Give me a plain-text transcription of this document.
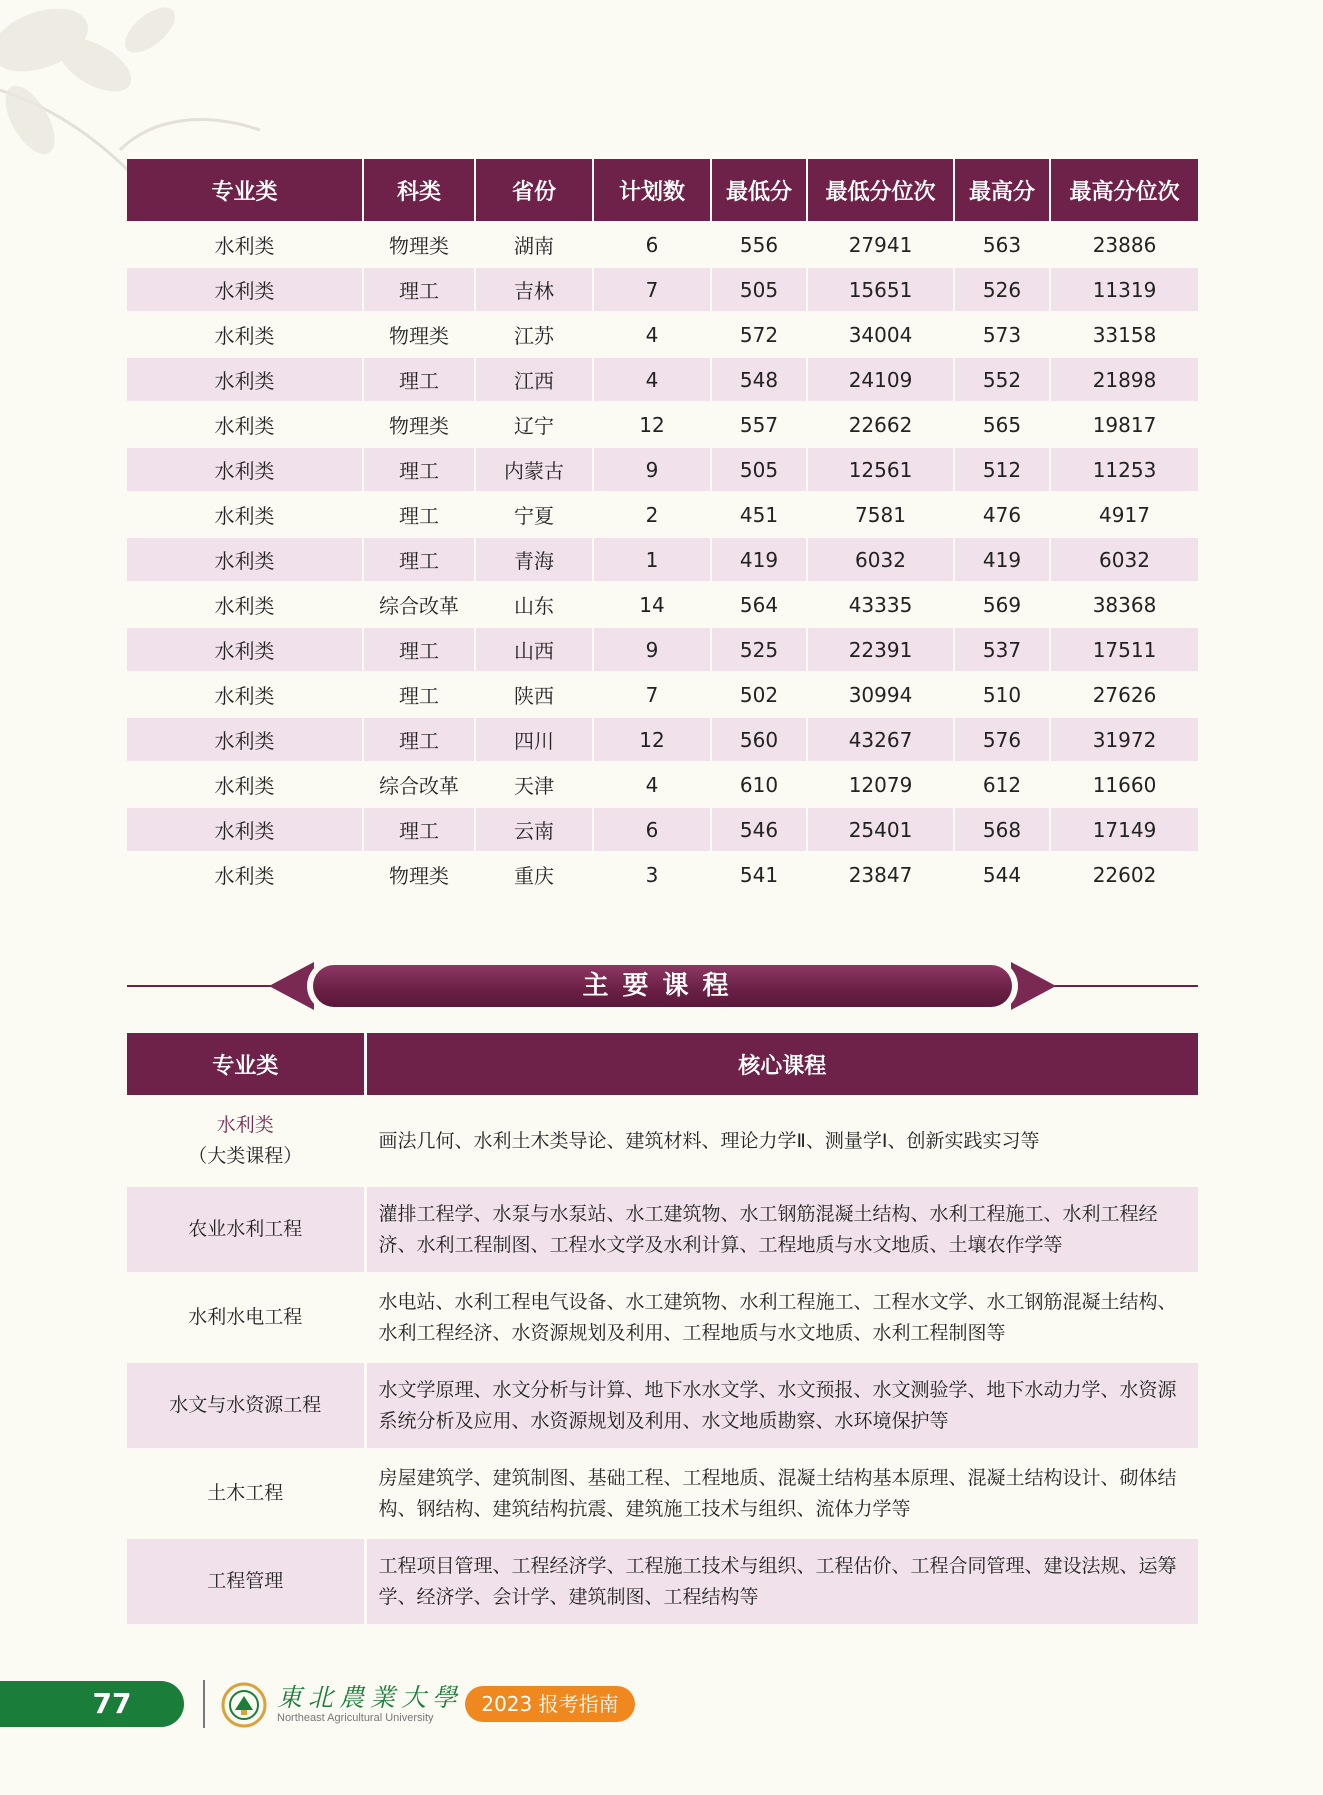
专业类	科类	省份	计划数	最低分	最低分位次	最高分	最高分位次
水利类	物理类	湖南	6	556	27941	563	23886
水利类	理工	吉林	7	505	15651	526	11319
水利类	物理类	江苏	4	572	34004	573	33158
水利类	理工	江西	4	548	24109	552	21898
水利类	物理类	辽宁	12	557	22662	565	19817
水利类	理工	内蒙古	9	505	12561	512	11253
水利类	理工	宁夏	2	451	7581	476	4917
水利类	理工	青海	1	419	6032	419	6032
水利类	综合改革	山东	14	564	43335	569	38368
水利类	理工	山西	9	525	22391	537	17511
水利类	理工	陕西	7	502	30994	510	27626
水利类	理工	四川	12	560	43267	576	31972
水利类	综合改革	天津	4	610	12079	612	11660
水利类	理工	云南	6	546	25401	568	17149
水利类	物理类	重庆	3	541	23847	544	22602
主要课程
专业类	核心课程

水利类
（大类课程）	画法几何、水利土木类导论、建筑材料、理论力学Ⅱ、测量学Ⅰ、创新实践实习等

农业水利工程	灌排工程学、水泵与水泵站、水工建筑物、水工钢筋混凝土结构、水利工程施工、水利工程经济、水利工程制图、工程水文学及水利计算、工程地质与水文地质、土壤农作学等

水利水电工程	水电站、水利工程电气设备、水工建筑物、水利工程施工、工程水文学、水工钢筋混凝土结构、水利工程经济、水资源规划及利用、工程地质与水文地质、水利工程制图等

水文与水资源工程	水文学原理、水文分析与计算、地下水水文学、水文预报、水文测验学、地下水动力学、水资源系统分析及应用、水资源规划及利用、水文地质勘察、水环境保护等

土木工程	房屋建筑学、建筑制图、基础工程、工程地质、混凝土结构基本原理、混凝土结构设计、砌体结构、钢结构、建筑结构抗震、建筑施工技术与组织、流体力学等

工程管理	工程项目管理、工程经济学、工程施工技术与组织、工程估价、工程合同管理、建设法规、运筹学、经济学、会计学、建筑制图、工程结构等
77	東北農業大學
Northeast Agricultural University
2023 报考指南
